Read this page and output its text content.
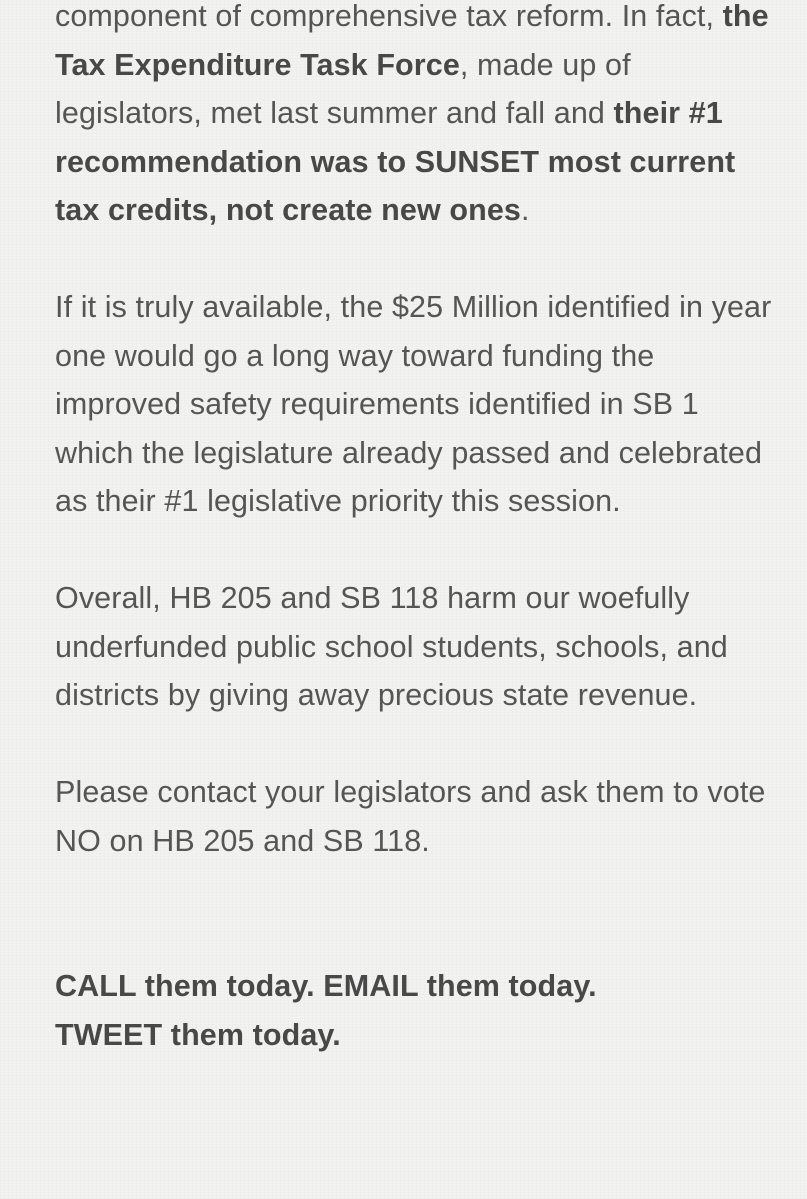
component of comprehensive tax reform. In fact, the Tax Expenditure Task Force, made up of legislators, met last summer and fall and their #1 recommendation was to SUNSET most current tax credits, not create new ones.

If it is truly available, the $25 Million identified in year one would go a long way toward funding the improved safety requirements identified in SB 1 which the legislature already passed and celebrated as their #1 legislative priority this session.

Overall, HB 205 and SB 118 harm our woefully underfunded public school students, schools, and districts by giving away precious state revenue.

Please contact your legislators and ask them to vote NO on HB 205 and SB 118.

CALL them today. EMAIL them today. TWEET them today.
